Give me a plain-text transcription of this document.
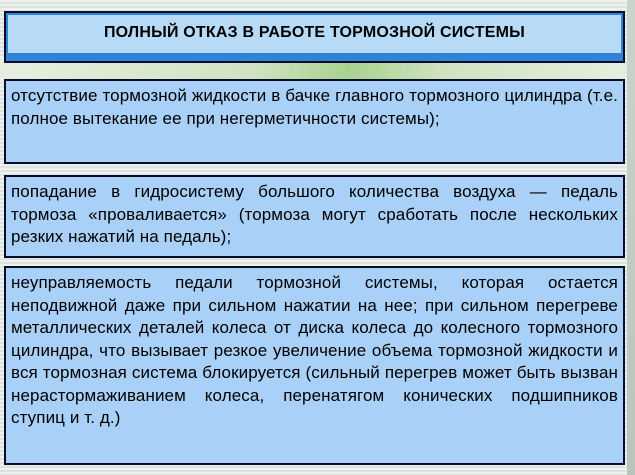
ПОЛНЫЙ ОТКАЗ В РАБОТЕ ТОРМОЗНОЙ СИСТЕМЫ
отсутствие тормозной жидкости в бачке главного тормозного цилиндра (т.е. полное вытекание ее при негерметичности системы);
попадание в гидросистему большого количества воздуха — педаль тормоза «проваливается» (тормоза могут сработать после нескольких резких нажатий на педаль);
неуправляемость педали тормозной системы, которая остается неподвижной даже при сильном нажатии на нее; при сильном перегреве металлических деталей колеса от диска колеса до колесного тормозного цилиндра, что вызывает резкое увеличение объема тормозной жидкости и вся тормозная система блокируется (сильный перегрев может быть вызван нерастормаживанием колеса, перенатягом конических подшипников ступиц и т. д.)
